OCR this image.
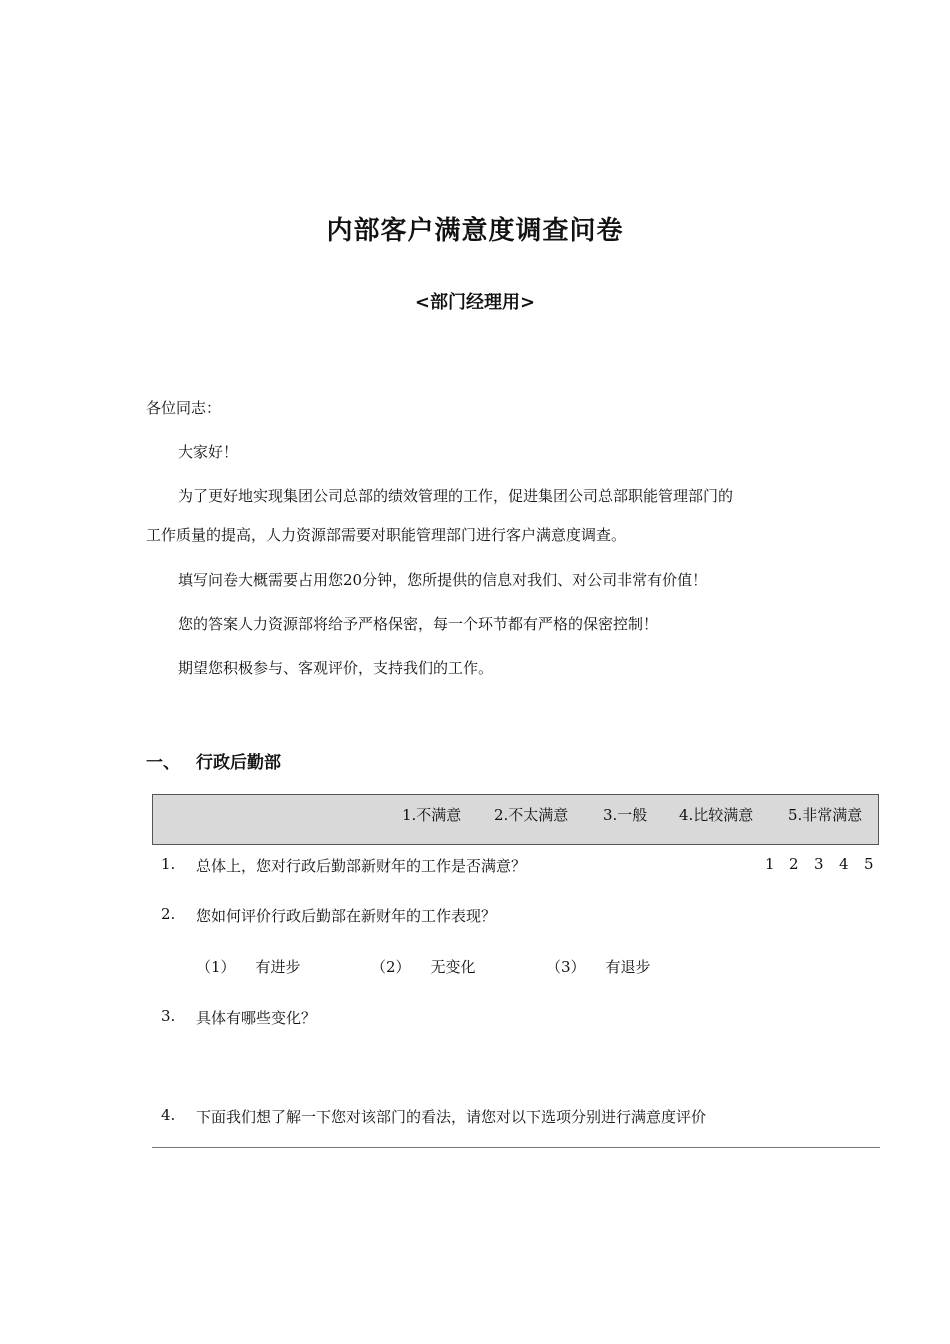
内部客户满意度调查问卷
<部门经理用>
各位同志：
大家好！
为了更好地实现集团公司总部的绩效管理的工作，促进集团公司总部职能管理部门的
工作质量的提高，人力资源部需要对职能管理部门进行客户满意度调查。
填写问卷大概需要占用您20分钟，您所提供的信息对我们、对公司非常有价值！
您的答案人力资源部将给予严格保密，每一个环节都有严格的保密控制！
期望您积极参与、客观评价，支持我们的工作。
一、 行政后勤部
1.不满意 2.不太满意 3.一般 4.比较满意 5.非常满意
1. 总体上，您对行政后勤部新财年的工作是否满意？	1 2 3 4 5
2. 您如何评价行政后勤部在新财年的工作表现？
（1） 有进步	（2） 无变化	（3） 有退步
3. 具体有哪些变化？
4. 下面我们想了解一下您对该部门的看法，请您对以下选项分别进行满意度评价
